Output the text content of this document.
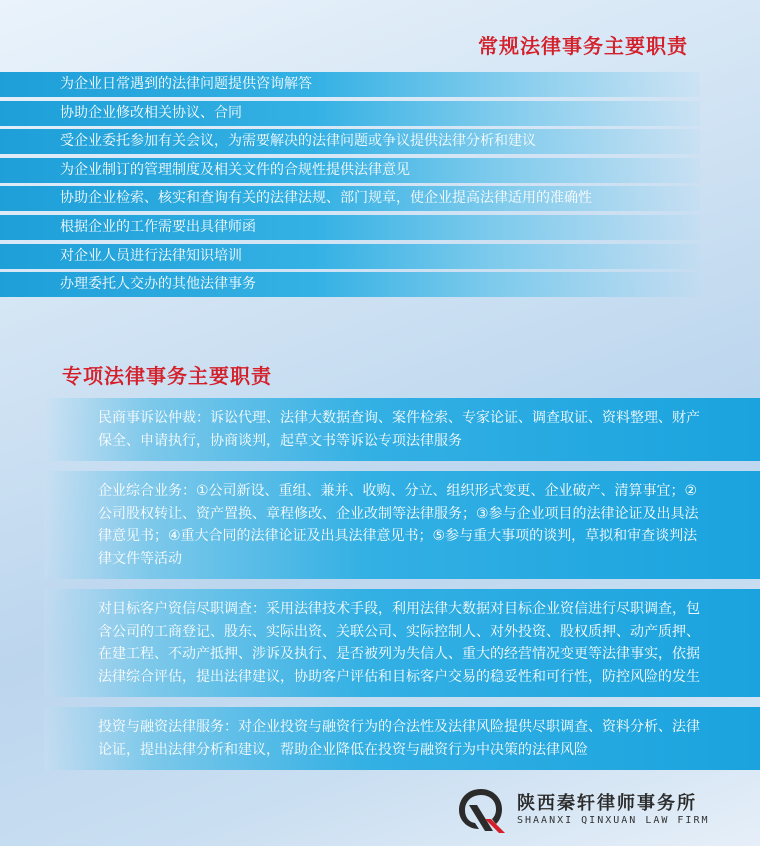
常规法律事务主要职责
为企业日常遇到的法律问题提供咨询解答
协助企业修改相关协议、合同
受企业委托参加有关会议，为需要解决的法律问题或争议提供法律分析和建议
为企业制订的管理制度及相关文件的合规性提供法律意见
协助企业检索、核实和查询有关的法律法规、部门规章，使企业提高法律适用的准确性
根据企业的工作需要出具律师函
对企业人员进行法律知识培训
办理委托人交办的其他法律事务
专项法律事务主要职责
民商事诉讼仲裁：诉讼代理、法律大数据查询、案件检索、专家论证、调查取证、资料整理、财产保全、申请执行，协商谈判，起草文书等诉讼专项法律服务
企业综合业务：①公司新设、重组、兼并、收购、分立、组织形式变更、企业破产、清算事宜；②公司股权转让、资产置换、章程修改、企业改制等法律服务；③参与企业项目的法律论证及出具法律意见书；④重大合同的法律论证及出具法律意见书；⑤参与重大事项的谈判，草拟和审查谈判法律文件等活动
对目标客户资信尽职调查：采用法律技术手段，利用法律大数据对目标企业资信进行尽职调查，包含公司的工商登记、股东、实际出资、关联公司、实际控制人、对外投资、股权质押、动产质押、在建工程、不动产抵押、涉诉及执行、是否被列为失信人、重大的经营情况变更等法律事实，依据法律综合评估，提出法律建议，协助客户评估和目标客户交易的稳妥性和可行性，防控风险的发生
投资与融资法律服务：对企业投资与融资行为的合法性及法律风险提供尽职调查、资料分析、法律论证，提出法律分析和建议，帮助企业降低在投资与融资行为中决策的法律风险
陕西秦轩律师事务所
SHAANXI QINXUAN LAW FIRM
